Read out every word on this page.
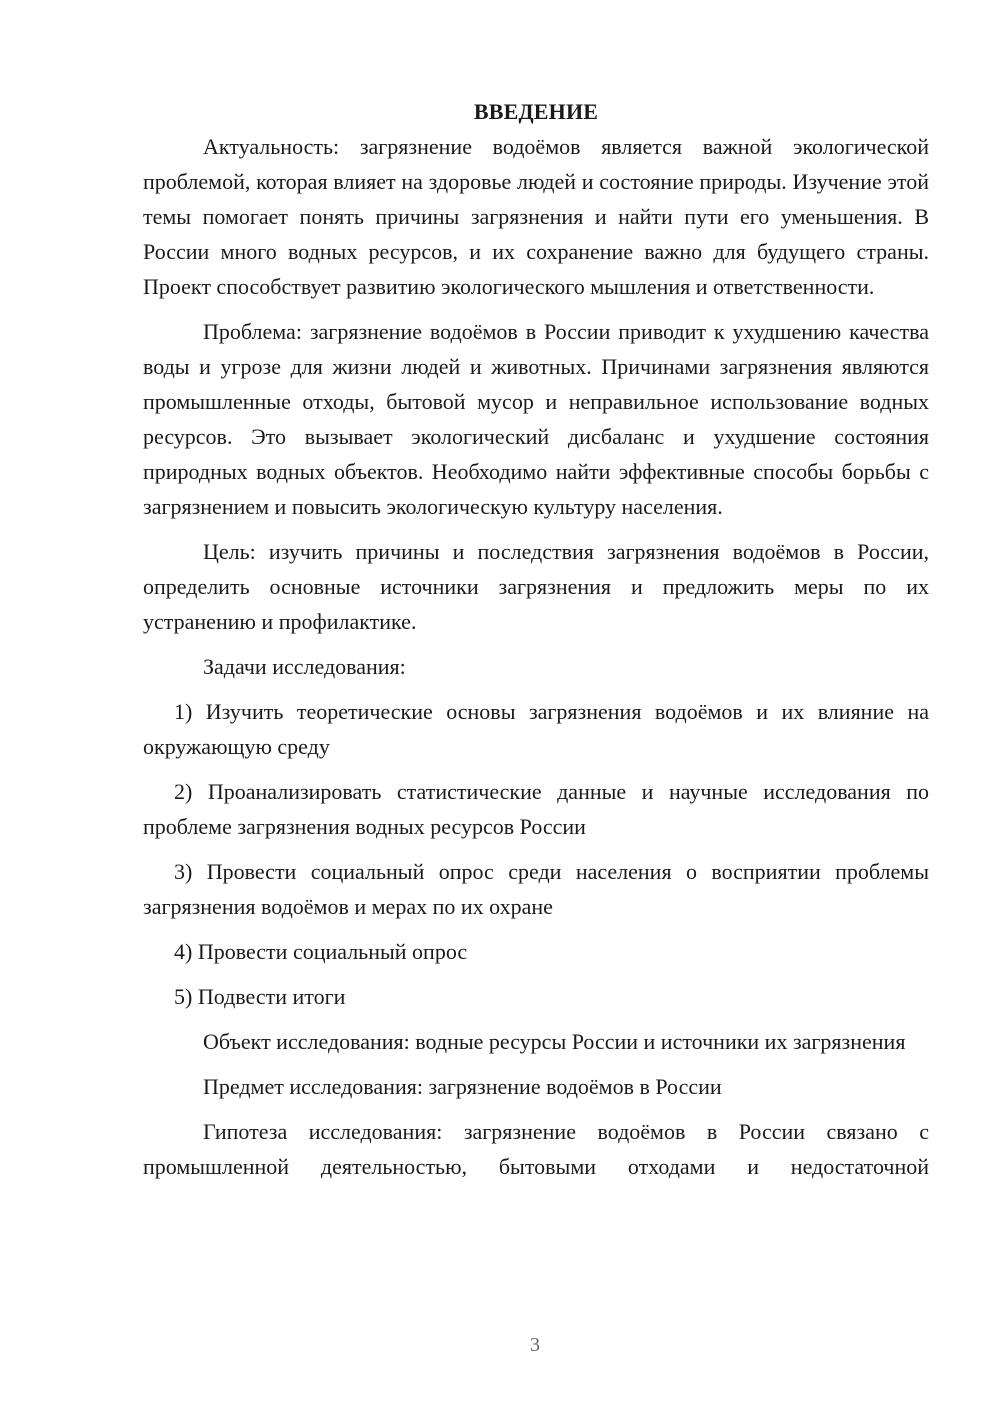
ВВЕДЕНИЕ

Актуальность: загрязнение водоёмов является важной экологической проблемой, которая влияет на здоровье людей и состояние природы. Изучение этой темы помогает понять причины загрязнения и найти пути его уменьшения. В России много водных ресурсов, и их сохранение важно для будущего страны. Проект способствует развитию экологического мышления и ответственности.

Проблема: загрязнение водоёмов в России приводит к ухудшению качества воды и угрозе для жизни людей и животных. Причинами загрязнения являются промышленные отходы, бытовой мусор и неправильное использование водных ресурсов. Это вызывает экологический дисбаланс и ухудшение состояния природных водных объектов. Необходимо найти эффективные способы борьбы с загрязнением и повысить экологическую культуру населения.

Цель: изучить причины и последствия загрязнения водоёмов в России, определить основные источники загрязнения и предложить меры по их устранению и профилактике.

Задачи исследования:

1) Изучить теоретические основы загрязнения водоёмов и их влияние на окружающую среду

2) Проанализировать статистические данные и научные исследования по проблеме загрязнения водных ресурсов России

3) Провести социальный опрос среди населения о восприятии проблемы загрязнения водоёмов и мерах по их охране

4) Провести социальный опрос

5) Подвести итоги

Объект исследования: водные ресурсы России и источники их загрязнения

Предмет исследования: загрязнение водоёмов в России

Гипотеза исследования: загрязнение водоёмов в России связано с промышленной деятельностью, бытовыми отходами и недостаточной

3
